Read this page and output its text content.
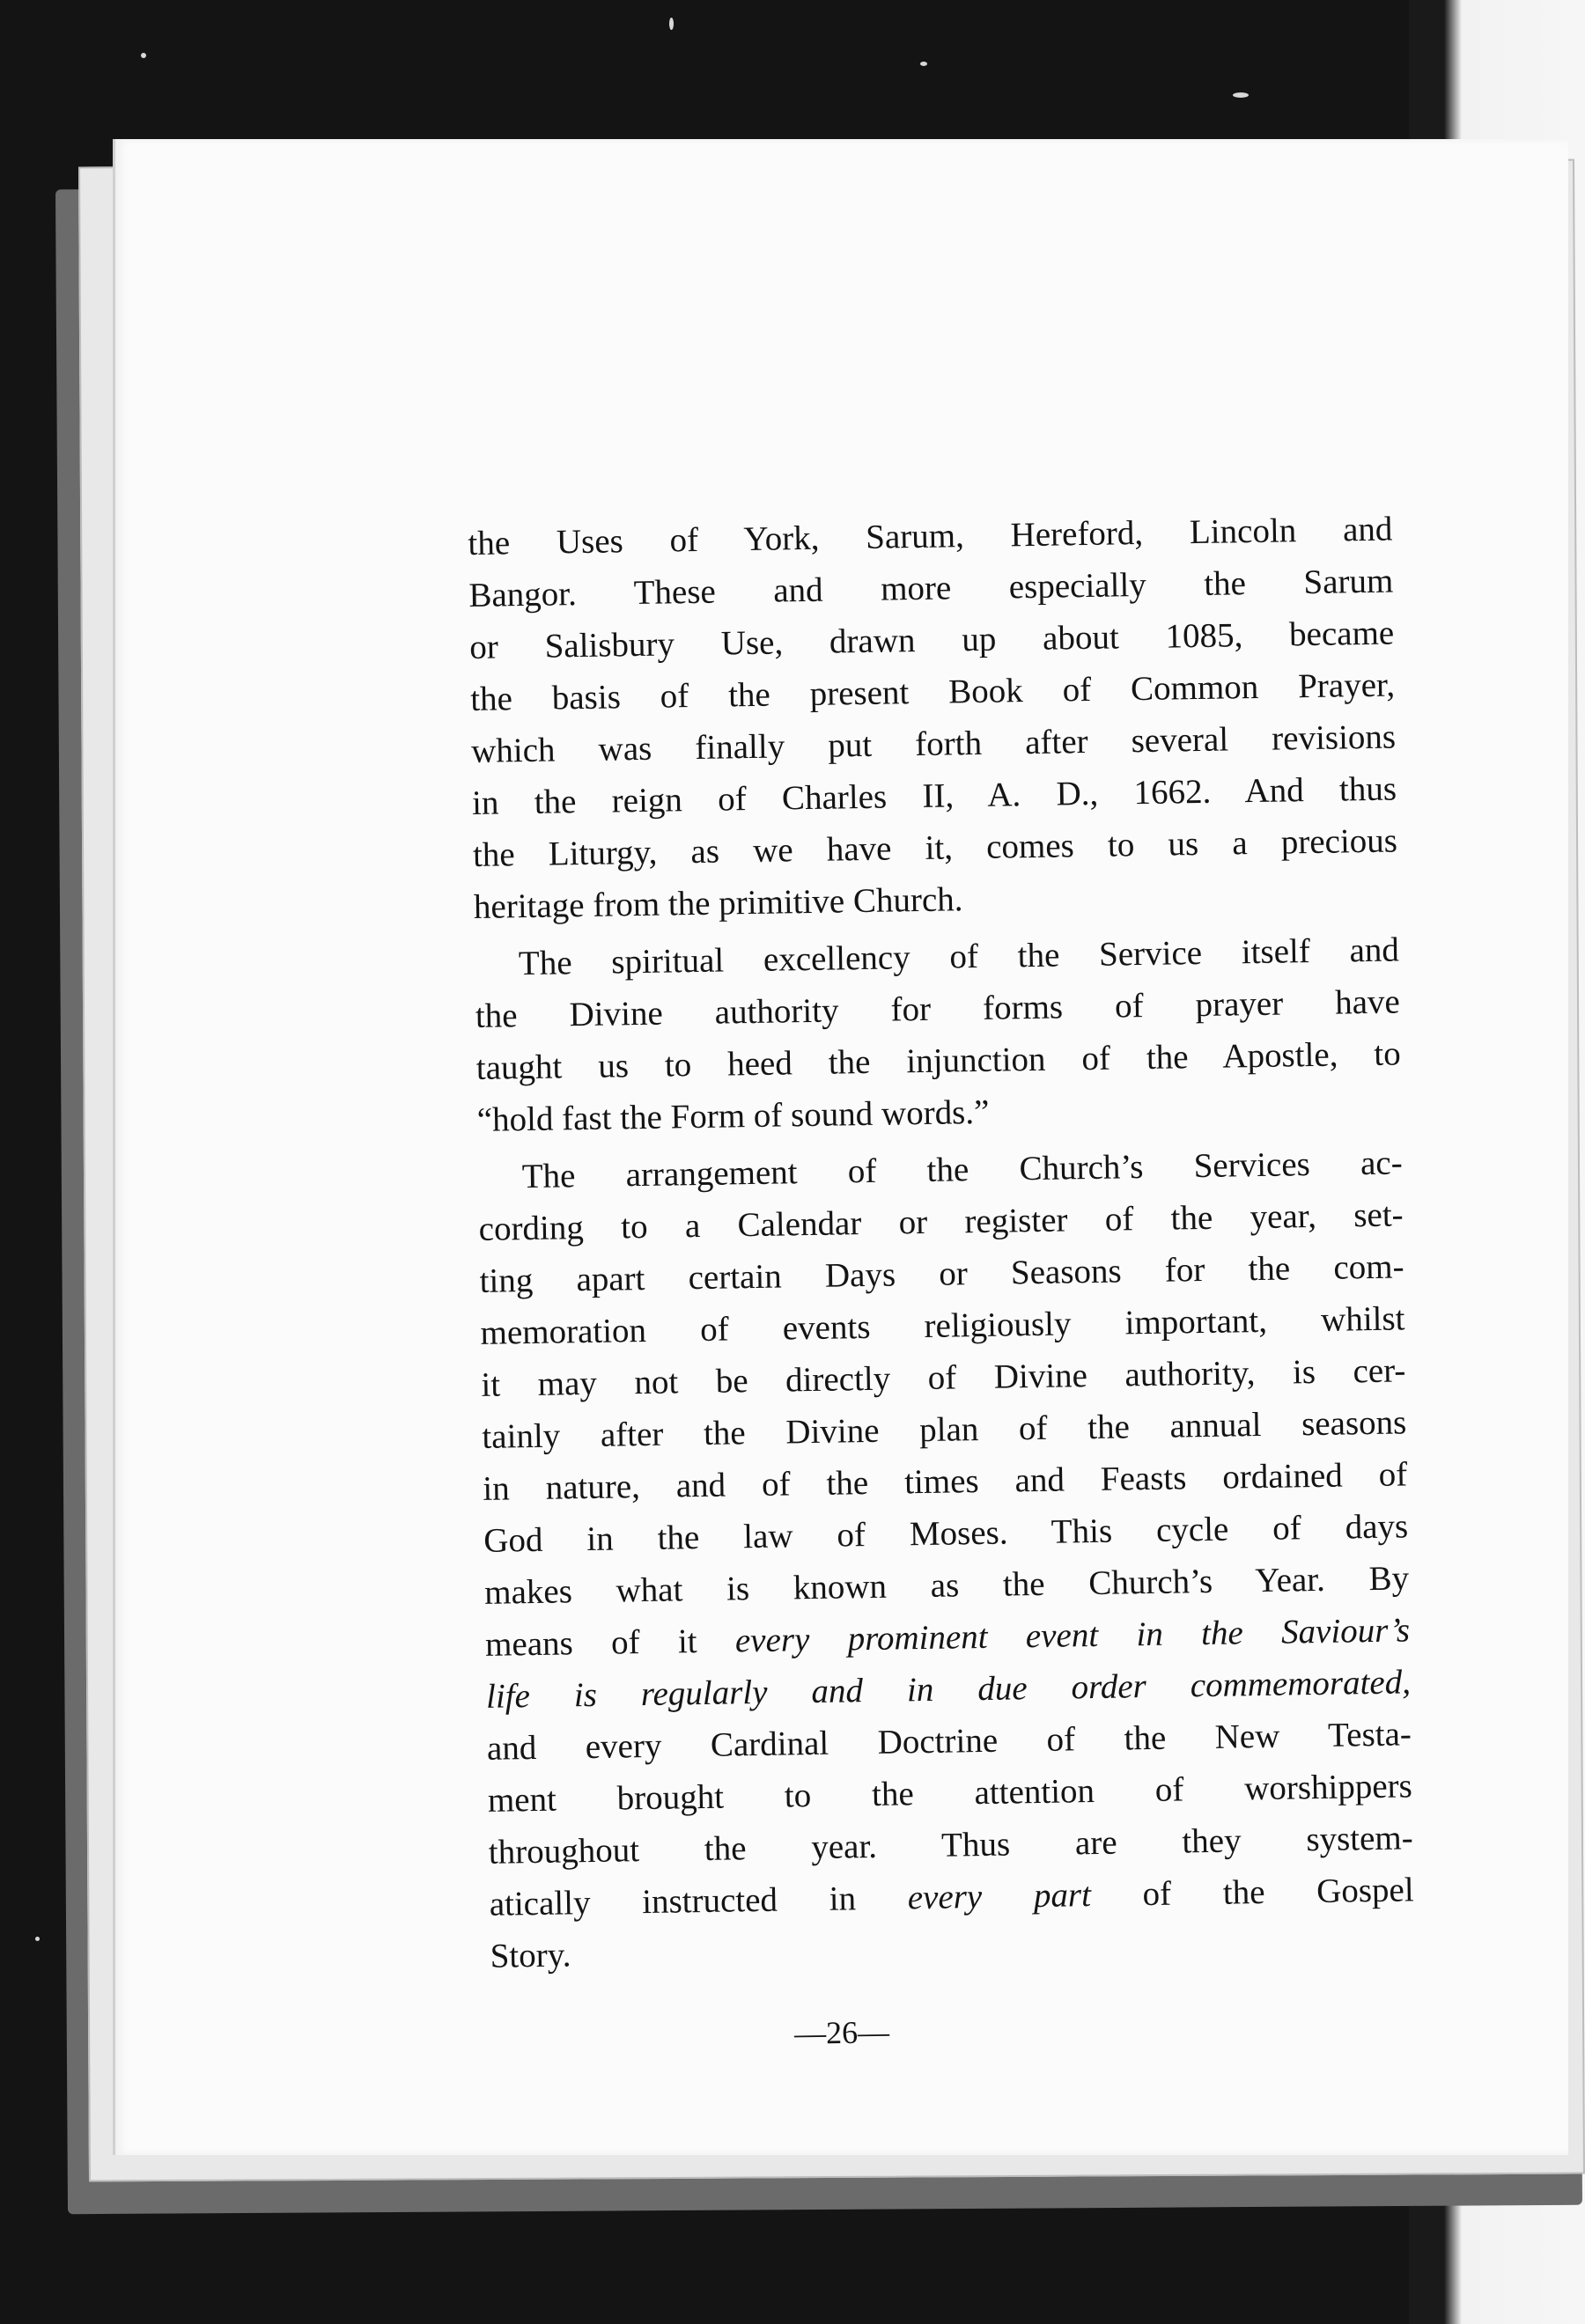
the Uses of York, Sarum, Hereford, Lincoln and
Bangor. These and more especially the Sarum
or Salisbury Use, drawn up about 1085, became
the basis of the present Book of Common Prayer,
which was finally put forth after several revisions
in the reign of Charles II, A. D., 1662. And thus
the Liturgy, as we have it, comes to us a precious
heritage from the primitive Church.
The spiritual excellency of the Service itself and
the Divine authority for forms of prayer have
taught us to heed the injunction of the Apostle, to
“hold fast the Form of sound words.”
The arrangement of the Church’s Services ac-
cording to a Calendar or register of the year, set-
ting apart certain Days or Seasons for the com-
memoration of events religiously important, whilst
it may not be directly of Divine authority, is cer-
tainly after the Divine plan of the annual seasons
in nature, and of the times and Feasts ordained of
God in the law of Moses. This cycle of days
makes what is known as the Church’s Year. By
means of it every prominent event in the Saviour’s
life is regularly and in due order commemorated,
and every Cardinal Doctrine of the New Testa-
ment brought to the attention of worshippers
throughout the year. Thus are they system-
atically instructed in every part of the Gospel
Story.
—26—
